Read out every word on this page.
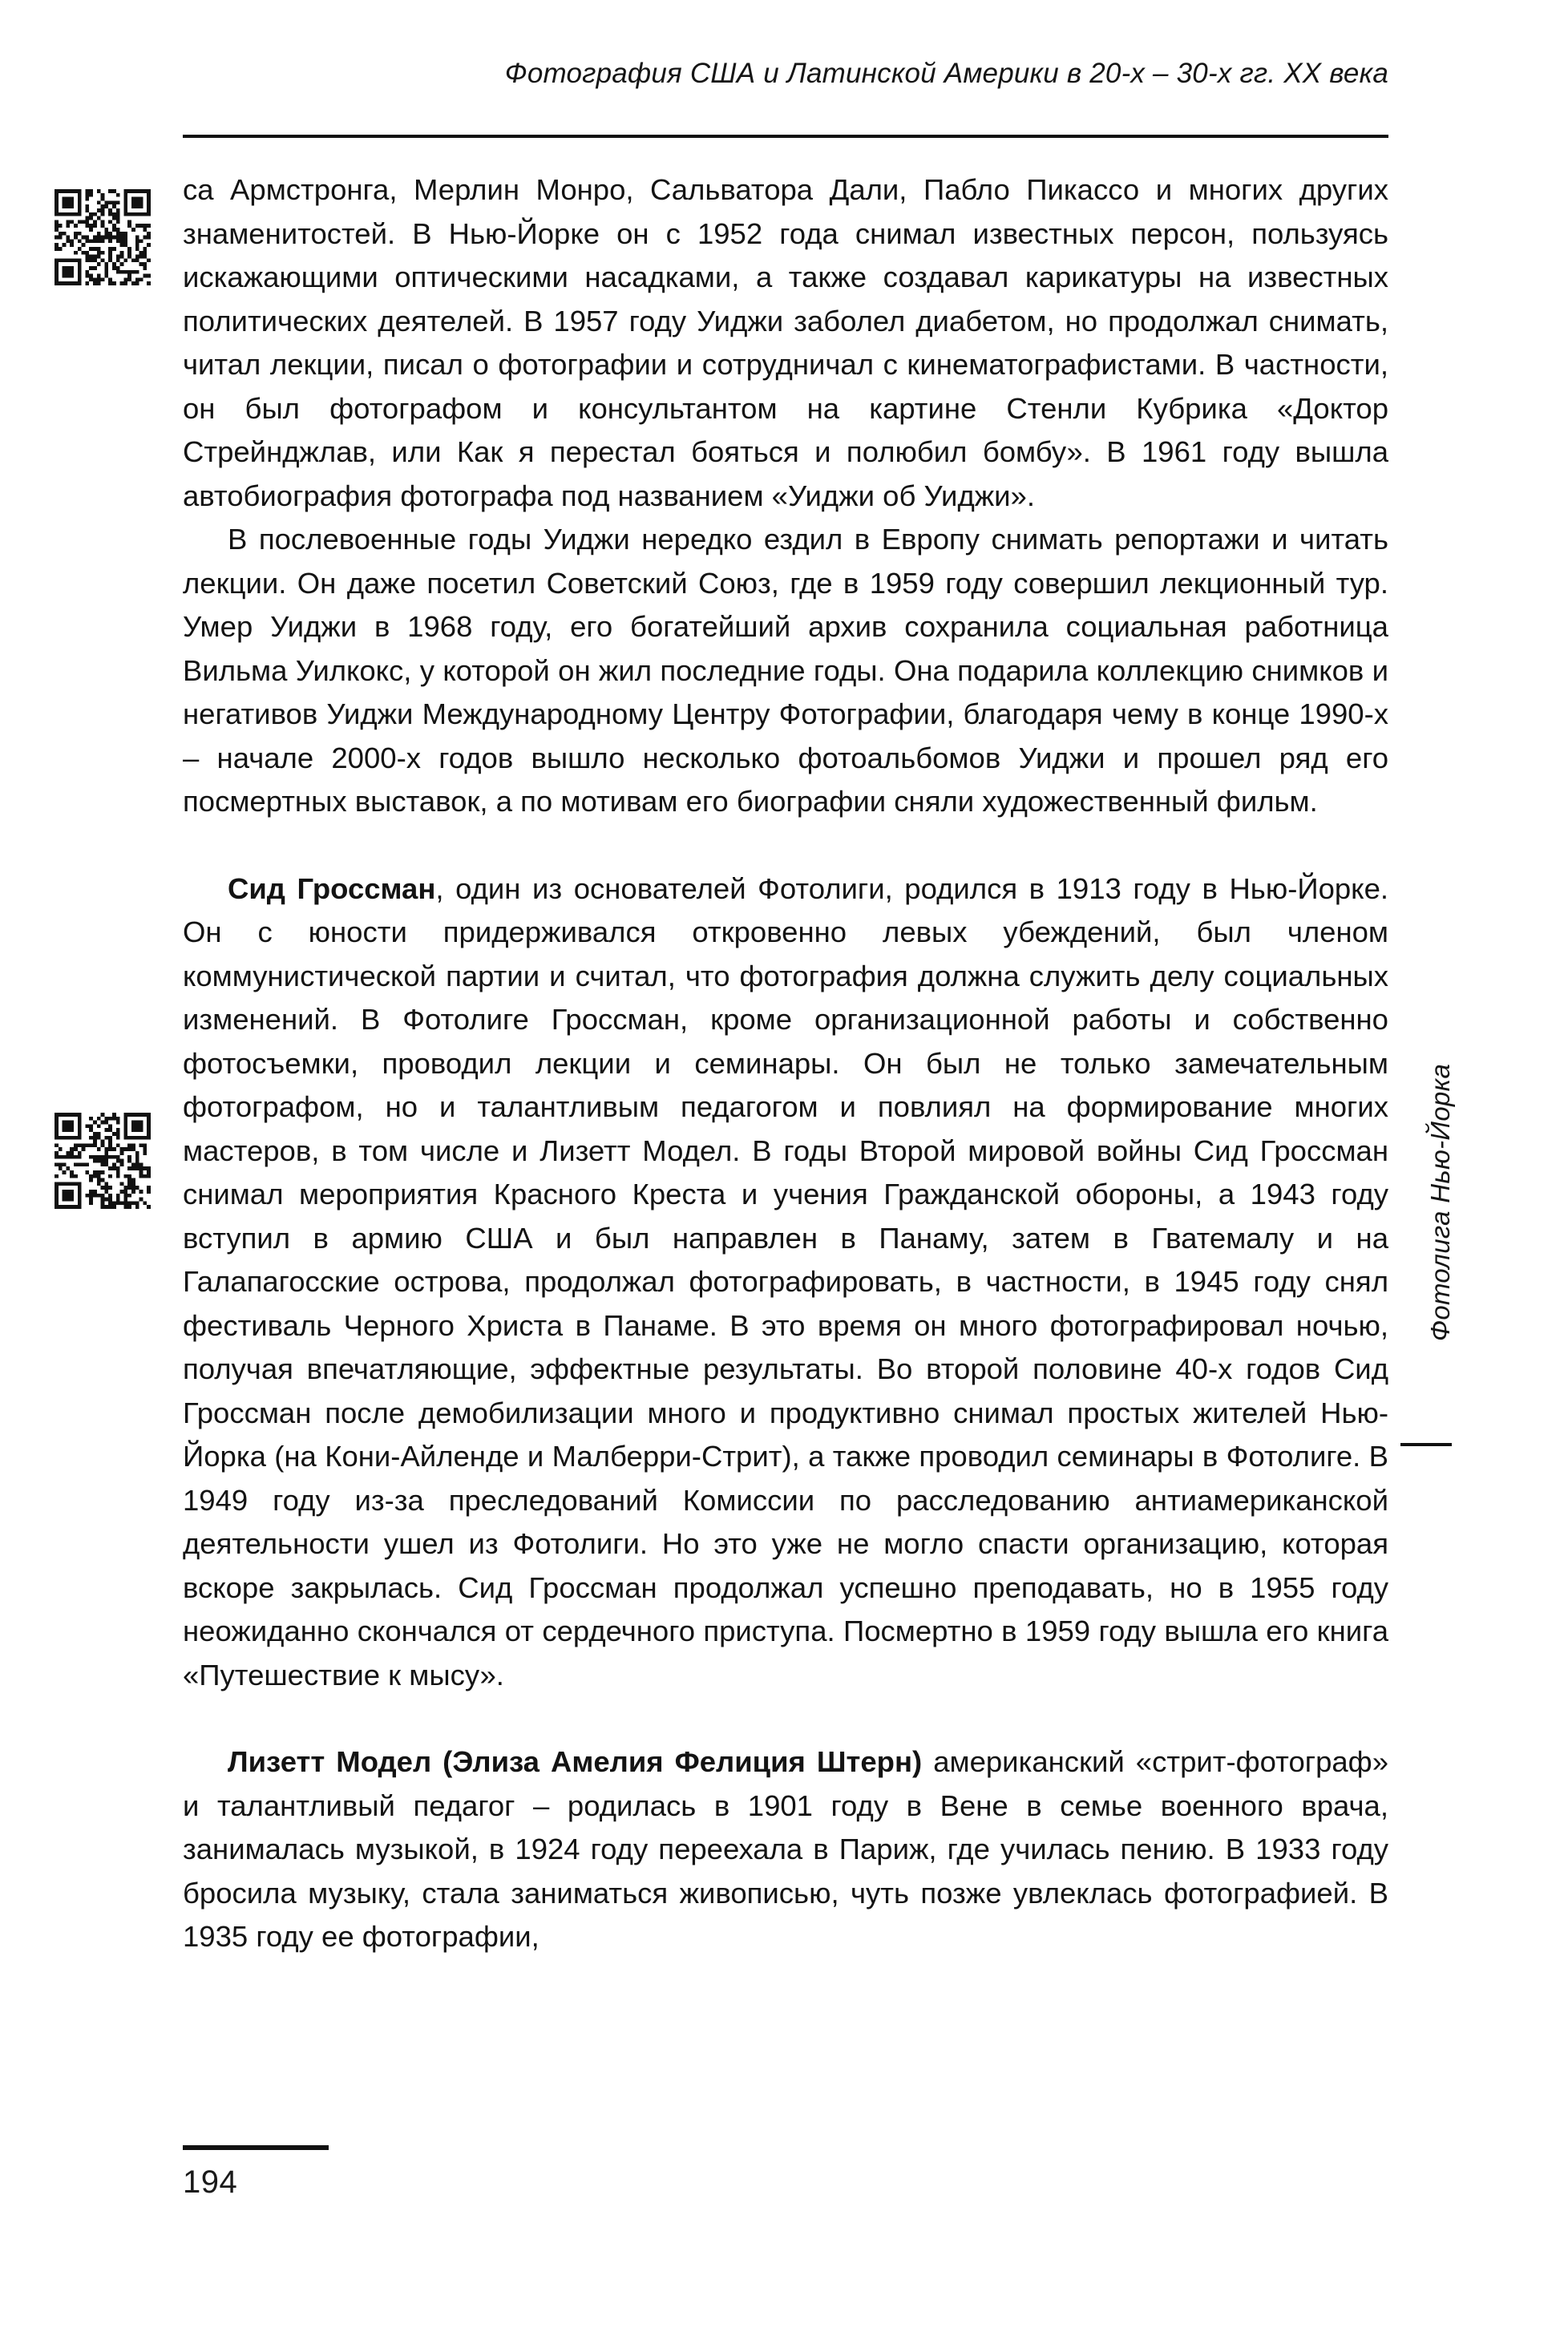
Фотография США и Латинской Америки в 20-х – 30-х гг. XX века

са Армстронга, Мерлин Монро, Сальватора Дали, Пабло Пикассо и многих других знаменитостей. В Нью-Йорке он с 1952 года снимал известных персон, пользуясь искажающими оптическими насадками, а также создавал карикатуры на известных политических деятелей. В 1957 году Уиджи заболел диабетом, но продолжал снимать, читал лекции, писал о фотографии и сотрудничал с кинематографистами. В частности, он был фотографом и консультантом на картине Стенли Кубрика «Доктор Стрейнджлав, или Как я перестал бояться и полюбил бомбу». В 1961 году вышла автобиография фотографа под названием «Уиджи об Уиджи».

В послевоенные годы Уиджи нередко ездил в Европу снимать репортажи и читать лекции. Он даже посетил Советский Союз, где в 1959 году совершил лекционный тур. Умер Уиджи в 1968 году, его богатейший архив сохранила социальная работница Вильма Уилкокс, у которой он жил последние годы. Она подарила коллекцию снимков и негативов Уиджи Международному Центру Фотографии, благодаря чему в конце 1990-х – начале 2000-х годов вышло несколько фотоальбомов Уиджи и прошел ряд его посмертных выставок, а по мотивам его биографии сняли художественный фильм.

Сид Гроссман, один из основателей Фотолиги, родился в 1913 году в Нью-Йорке. Он с юности придерживался откровенно левых убеждений, был членом коммунистической партии и считал, что фотография должна служить делу социальных изменений. В Фотолиге Гроссман, кроме организационной работы и собственно фотосъемки, проводил лекции и семинары. Он был не только замечательным фотографом, но и талантливым педагогом и повлиял на формирование многих мастеров, в том числе и Лизетт Модел. В годы Второй мировой войны Сид Гроссман снимал мероприятия Красного Креста и учения Гражданской обороны, а 1943 году вступил в армию США и был направлен в Панаму, затем в Гватемалу и на Галапагосские острова, продолжал фотографировать, в частности, в 1945 году снял фестиваль Черного Христа в Панаме. В это время он много фотографировал ночью, получая впечатляющие, эффектные результаты. Во второй половине 40-х годов Сид Гроссман после демобилизации много и продуктивно снимал простых жителей Нью-Йорка (на Кони-Айленде и Малберри-Стрит), а также проводил семинары в Фотолиге. В 1949 году из-за преследований Комиссии по расследованию антиамериканской деятельности ушел из Фотолиги. Но это уже не могло спасти организацию, которая вскоре закрылась. Сид Гроссман продолжал успешно преподавать, но в 1955 году неожиданно скончался от сердечного приступа. Посмертно в 1959 году вышла его книга «Путешествие к мысу».

Лизетт Модел (Элиза Амелия Фелиция Штерн) американский «стрит-фотограф» и талантливый педагог – родилась в 1901 году в Вене в семье военного врача, занималась музыкой, в 1924 году переехала в Париж, где училась пению. В 1933 году бросила музыку, стала заниматься живописью, чуть позже увлеклась фотографией. В 1935 году ее фотографии,

Фотолига Нью-Йорка
194
